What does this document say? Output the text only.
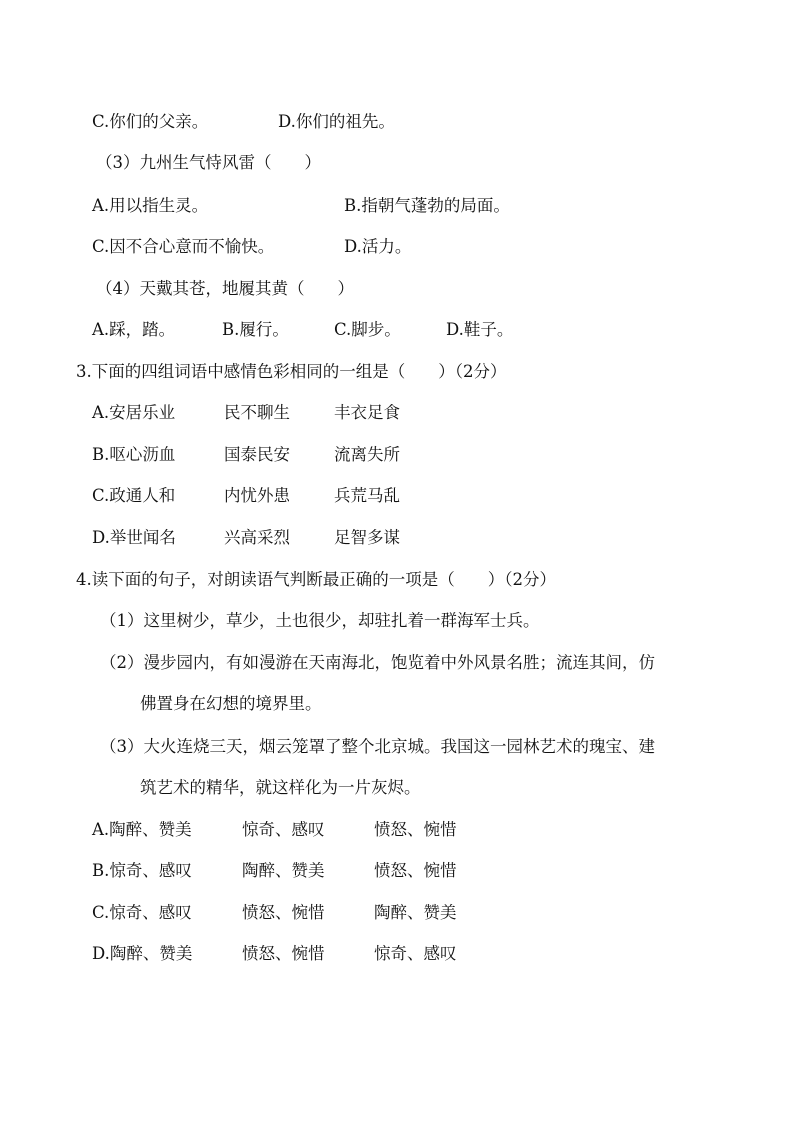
C.你们的父亲。	D.你们的祖先。
（3）九州生气恃风雷（　　）
A.用以指生灵。	B.指朝气蓬勃的局面。
C.因不合心意而不愉快。	D.活力。
（4）天戴其苍，地履其黄（　　）
A.踩，踏。	B.履行。	C.脚步。	D.鞋子。
3.下面的四组词语中感情色彩相同的一组是（　　）（2分）
A.安居乐业	民不聊生	丰衣足食
B.呕心沥血	国泰民安	流离失所
C.政通人和	内忧外患	兵荒马乱
D.举世闻名	兴高采烈	足智多谋
4.读下面的句子，对朗读语气判断最正确的一项是（　　）（2分）
（1）这里树少，草少，土也很少，却驻扎着一群海军士兵。
（2）漫步园内，有如漫游在天南海北，饱览着中外风景名胜；流连其间，仿
佛置身在幻想的境界里。
（3）大火连烧三天，烟云笼罩了整个北京城。我国这一园林艺术的瑰宝、建
筑艺术的精华，就这样化为一片灰烬。
A.陶醉、赞美	惊奇、感叹	愤怒、惋惜
B.惊奇、感叹	陶醉、赞美	愤怒、惋惜
C.惊奇、感叹	愤怒、惋惜	陶醉、赞美
D.陶醉、赞美	愤怒、惋惜	惊奇、感叹
